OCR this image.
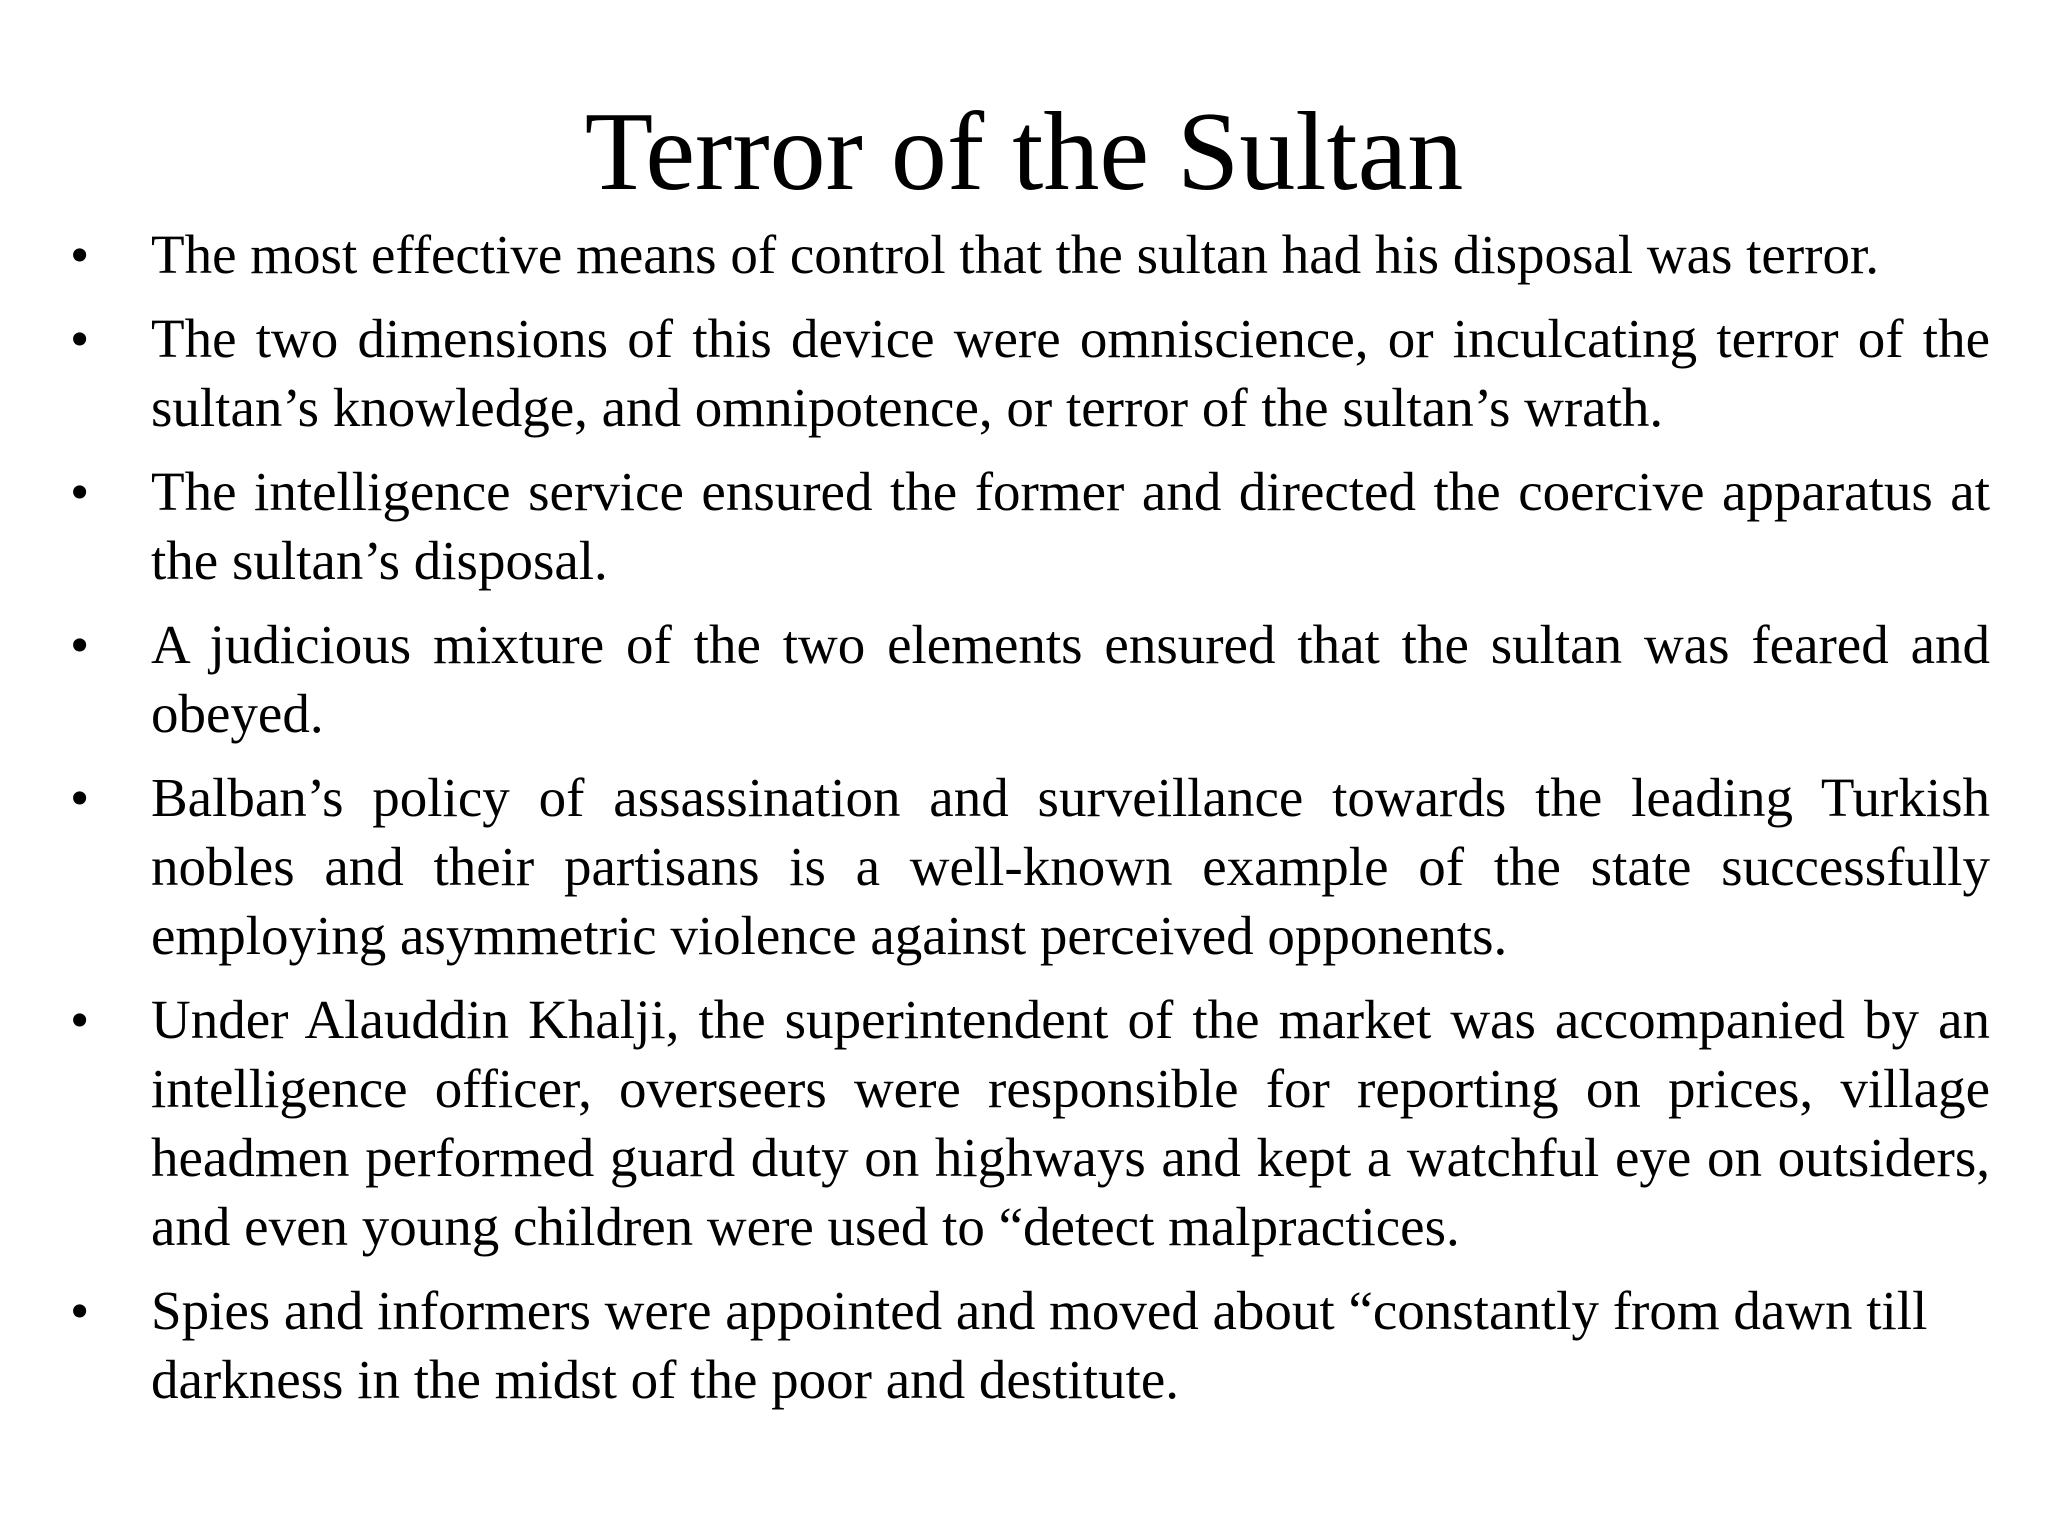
Terror of the Sultan
•	The most effective means of control that the sultan had his disposal was terror.
•	The two dimensions of this device were omniscience, or inculcating terror of the sultan’s knowledge, and omnipotence, or terror of the sultan’s wrath.
•	The intelligence service ensured the former and directed the coercive apparatus at the sultan’s disposal.
•	A judicious mixture of the two elements ensured that the sultan was feared and obeyed.
•	Balban’s policy of assassination and surveillance towards the leading Turkish nobles and their partisans is a well-known example of the state successfully employing asymmetric violence against perceived opponents.
•	Under Alauddin Khalji, the superintendent of the market was accompanied by an intelligence officer, overseers were responsible for reporting on prices, village headmen performed guard duty on highways and kept a watchful eye on outsiders, and even young children were used to “detect malpractices.
•	Spies and informers were appointed and moved about “constantly from dawn till darkness in the midst of the poor and destitute.
